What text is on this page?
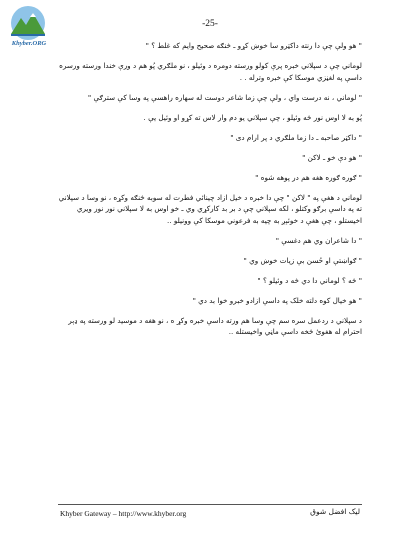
Khyber.ORG
-25-

" هو ولې چې دا رنته داکټرو سا خوښ کړو ـ څنګه صحیح وايم که غلط ؟ "

لوماني چې د سپلاني خبره پرې کولو ورسته دومره د وئیلو ، نو ملګري پُو هم د ورې خندا ورسته ورسره داسې په لغڼزي موسکا کې خبره وترله . .

" لوماني ، نه درست واي ، ولې چې زما شاعر دوست له سهاره راهسې په وسا کې سترګې "

پُو به لا اوس نور څه وئیلو ، چې سپلاني یو دم وار لاس ته کړو او وئیل یې .

" داکټر صاحبه ـ دا زما ملګري د پر ارام دی "

" هو دې خو ـ لاکن "

" ګوره ګوره هغه هم در پوهه شوه "

لوماني د هغې په " لاکن " چې دا خبره د خیل ازاد چینائي فطرت له سوبه څنګه وکړه ، نو وسا د سپلاني ته په داسې برګو وکتلو ، لکه سپلاني چې د بر بد کارکړي وي ـ خو اوس به لا سپلاني نور نور ویري اخیستلو ، چې هغې د خوئېږ به چیه به فرعوني موسکا کې وونیلو ..

" دا شاعران وي هم دغسې "

" ګواښتې او حُسن بې زيات خوښ وي "

" څه ؟ لوماني دا دي څه د وئیلو ؟ "

" هو خیال کوه دلته خلک په داسې ازادو خبرو خوا بد دي "

د سپلاني د ردعمل سره سم چې وسا هم ورته داسې خبره وکړ ه ، نو هغه د موسید لو ورسته په ډېر احترام له هغوئ څخه داسې ماڼي واخیستله ..

Khyber Gateway – http://www.khyber.org	لیک افضل شوق
